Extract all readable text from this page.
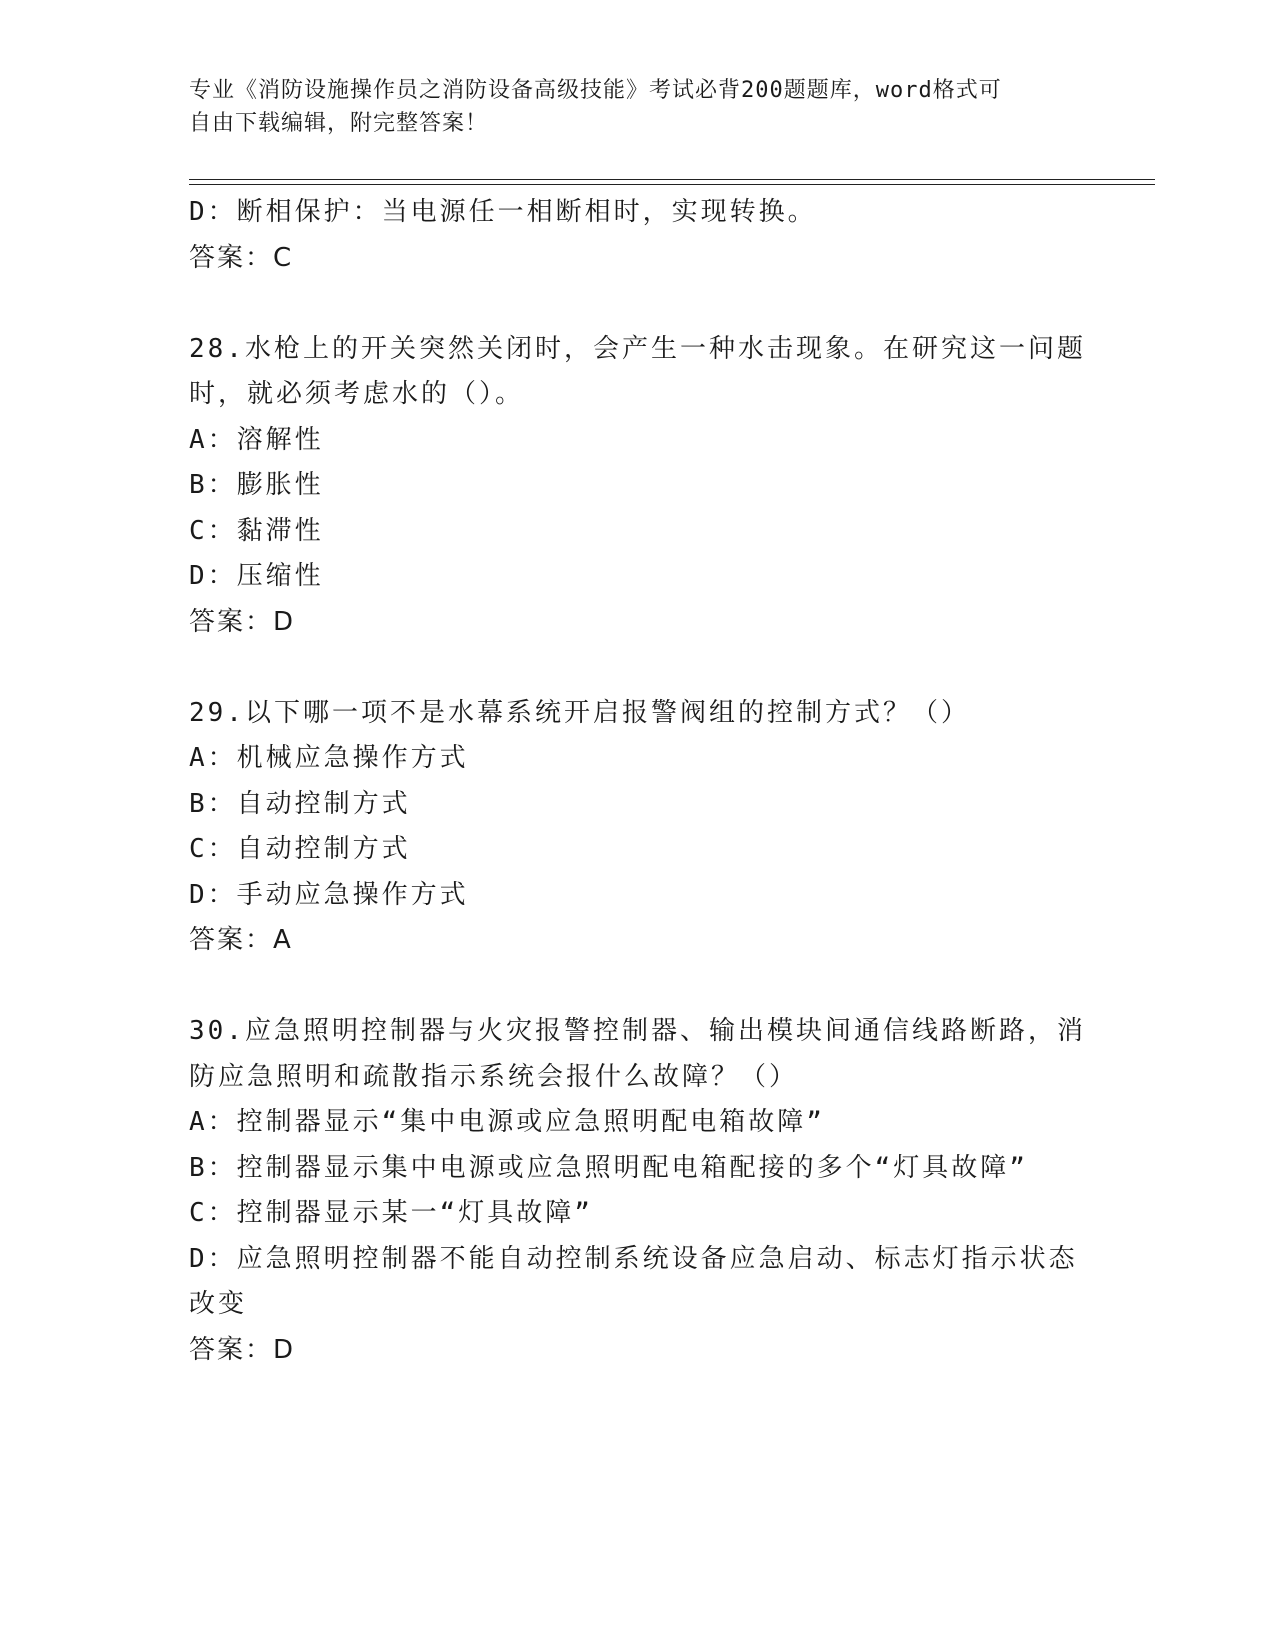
专业《消防设施操作员之消防设备高级技能》考试必背200题题库，word格式可
自由下载编辑，附完整答案！
D：断相保护：当电源任一相断相时，实现转换。
答案：C
28.水枪上的开关突然关闭时，会产生一种水击现象。在研究这一问题
时，就必须考虑水的（）。
A：溶解性
B：膨胀性
C：黏滞性
D：压缩性
答案：D
29.以下哪一项不是水幕系统开启报警阀组的控制方式？（）
A：机械应急操作方式
B：自动控制方式
C：自动控制方式
D：手动应急操作方式
答案：A
30.应急照明控制器与火灾报警控制器、输出模块间通信线路断路，消
防应急照明和疏散指示系统会报什么故障？（）
A：控制器显示“集中电源或应急照明配电箱故障”
B：控制器显示集中电源或应急照明配电箱配接的多个“灯具故障”
C：控制器显示某一“灯具故障”
D：应急照明控制器不能自动控制系统设备应急启动、标志灯指示状态
改变
答案：D
